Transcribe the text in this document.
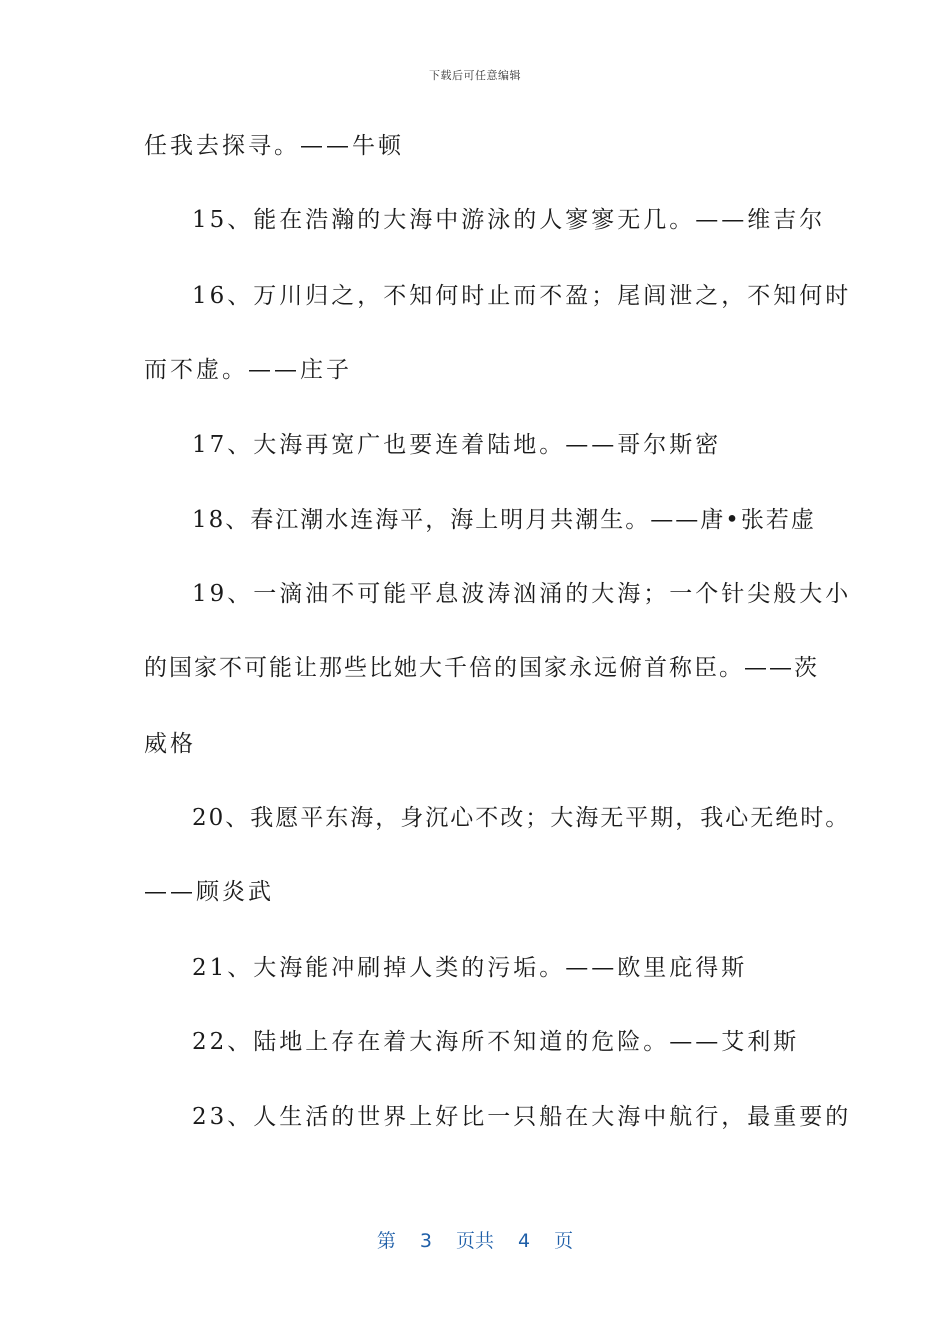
下载后可任意编辑
任我去探寻。——牛顿
15、能在浩瀚的大海中游泳的人寥寥无几。——维吉尔
16、万川归之，不知何时止而不盈；尾闾泄之，不知何时
而不虚。——庄子
17、大海再宽广也要连着陆地。——哥尔斯密
18、春江潮水连海平，海上明月共潮生。——唐•张若虚
19、一滴油不可能平息波涛汹涌的大海；一个针尖般大小
的国家不可能让那些比她大千倍的国家永远俯首称臣。——茨
威格
20、我愿平东海，身沉心不改；大海无平期，我心无绝时。
——顾炎武
21、大海能冲刷掉人类的污垢。——欧里庇得斯
22、陆地上存在着大海所不知道的危险。——艾利斯
23、人生活的世界上好比一只船在大海中航行，最重要的
第 3 页共 4 页
